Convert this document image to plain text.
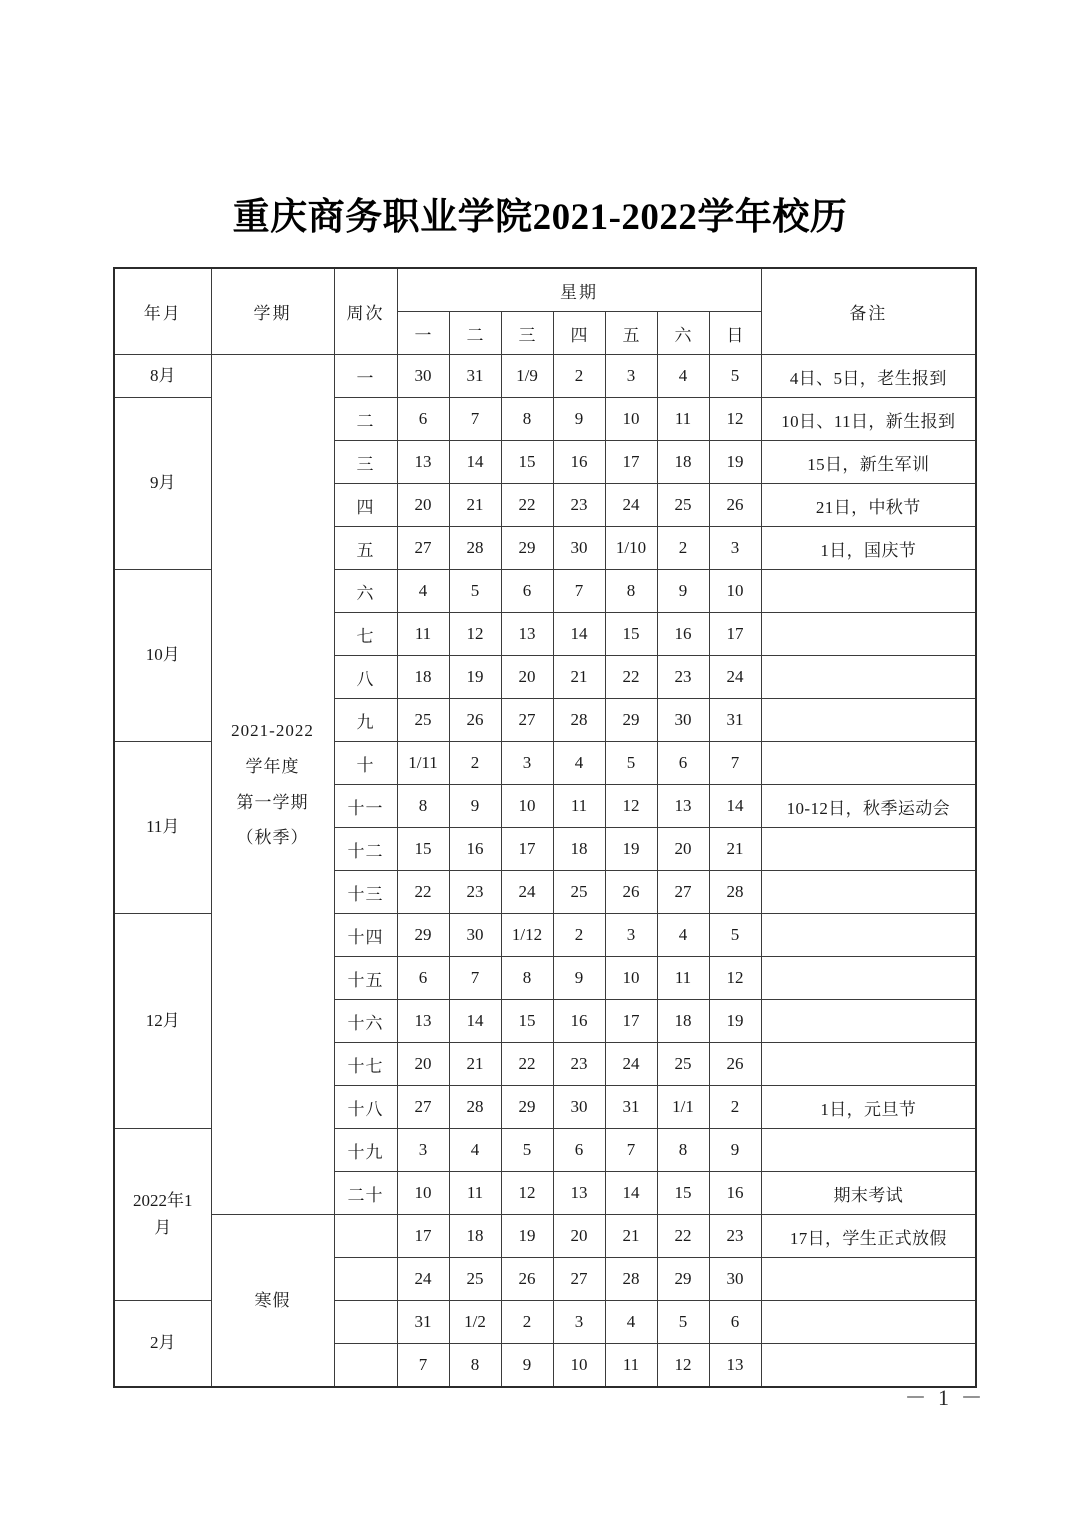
重庆商务职业学院2021-2022学年校历
年月	学期	周次	星期							备注
			一	二	三	四	五	六	日	

8月	2021-2022
学年度
第一学期
（秋季）	一	30	31	1/9	2	3	4	5	4日、5日，老生报到

9月		二	6	7	8	9	10	11	12	10日、11日，新生报到
		三	13	14	15	16	17	18	19	15日，新生军训
		四	20	21	22	23	24	25	26	21日，中秋节
		五	27	28	29	30	1/10	2	3	1日，国庆节

10月		六	4	5	6	7	8	9	10	
		七	11	12	13	14	15	16	17	
		八	18	19	20	21	22	23	24	
		九	25	26	27	28	29	30	31	

11月		十	1/11	2	3	4	5	6	7	
		十一	8	9	10	11	12	13	14	10-12日，秋季运动会
		十二	15	16	17	18	19	20	21	
		十三	22	23	24	25	26	27	28	

12月		十四	29	30	1/12	2	3	4	5	
		十五	6	7	8	9	10	11	12	
		十六	13	14	15	16	17	18	19	
		十七	20	21	22	23	24	25	26	
		十八	27	28	29	30	31	1/1	2	1日，元旦节

2022年1
月		十九	3	4	5	6	7	8	9	
		二十	10	11	12	13	14	15	16	期末考试

	寒假		17	18	19	20	21	22	23	17日，学生正式放假
			24	25	26	27	28	29	30	

2月			31	1/2	2	3	4	5	6	
			7	8	9	10	11	12	13	
－ 1 －
